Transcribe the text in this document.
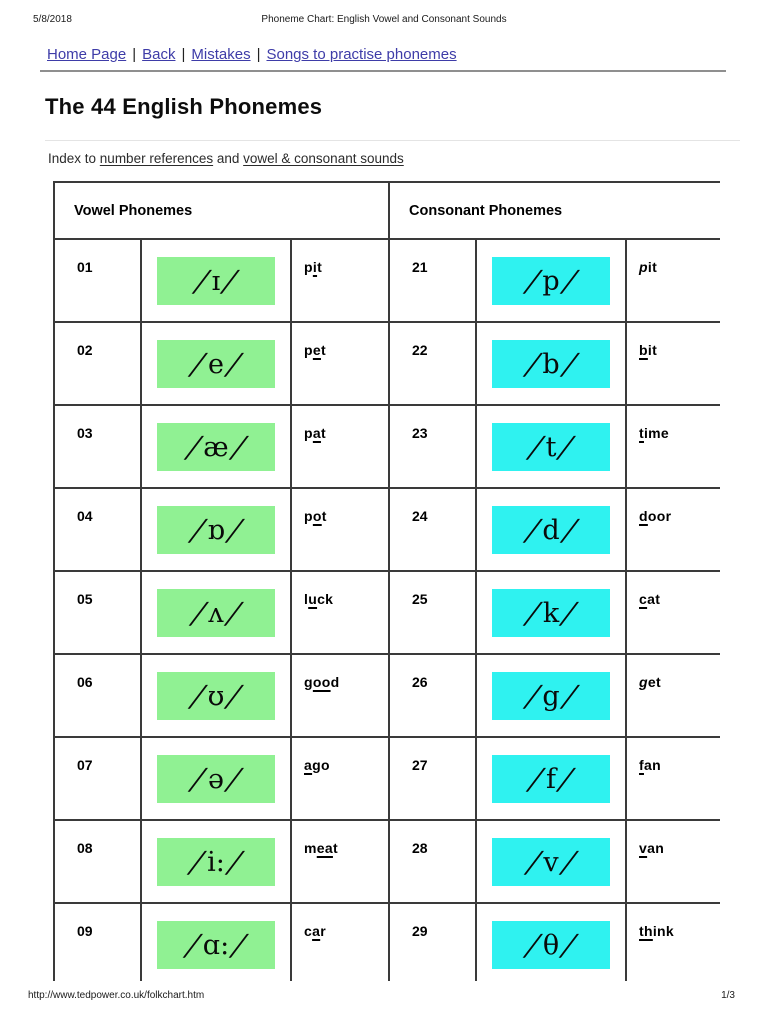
5/8/2018	Phoneme Chart: English Vowel and Consonant Sounds
Home Page | Back | Mistakes | Songs to practise phonemes
The 44 English Phonemes
Index to number references and vowel & consonant sounds
Vowel Phonemes			Consonant Phonemes		
01	/ ɪ /	pit	21	/ p /	pit
02	/ e /	pet	22	/ b /	bit
03	/ æ /	pat	23	/ t /	time
04	/ ɒ /	pot	24	/ d /	door
05	/ ʌ /	luck	25	/ k /	cat
06	/ ʊ /	good	26	/ g /	get
07	/ ə /	ago	27	/ f /	fan
08	/ i: /	meat	28	/ v /	van
09	/ ɑ: /	car	29	/ θ /	think
http://www.tedpower.co.uk/folkchart.htm	1/3
